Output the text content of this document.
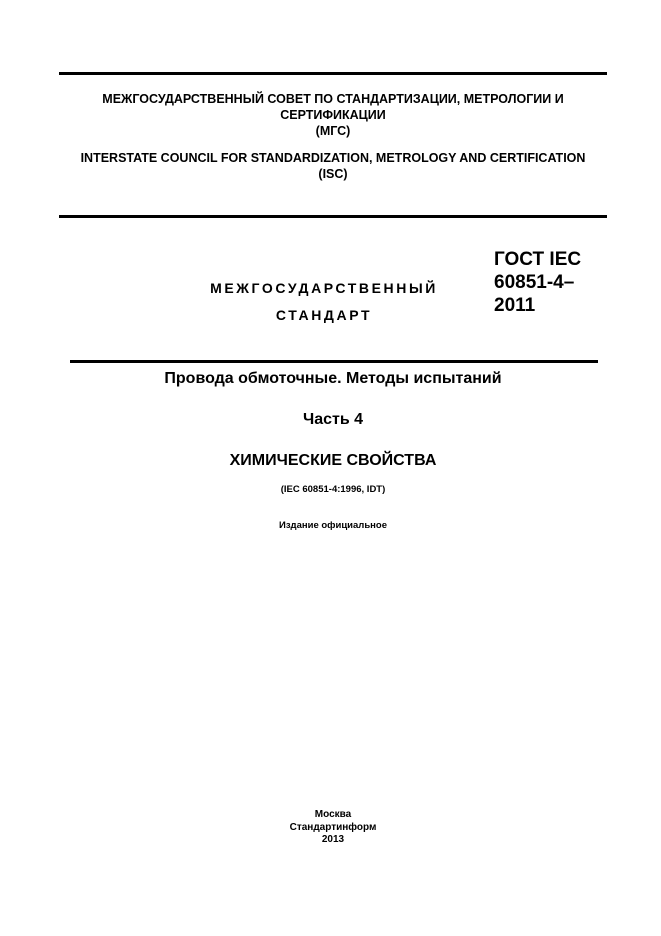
МЕЖГОСУДАРСТВЕННЫЙ СОВЕТ ПО СТАНДАРТИЗАЦИИ, МЕТРОЛОГИИ И
СЕРТИФИКАЦИИ
(МГС)
INTERSTATE COUNCIL FOR STANDARDIZATION, METROLOGY AND CERTIFICATION
(ISC)
МЕЖГОСУДАРСТВЕННЫЙ
СТАНДАРТ
ГОСТ IEC
60851-4–
2011
Провода обмоточные. Методы испытаний
Часть 4
ХИМИЧЕСКИЕ СВОЙСТВА
(IEC 60851-4:1996, IDT)
Издание официальное
Москва
Стандартинформ
2013
